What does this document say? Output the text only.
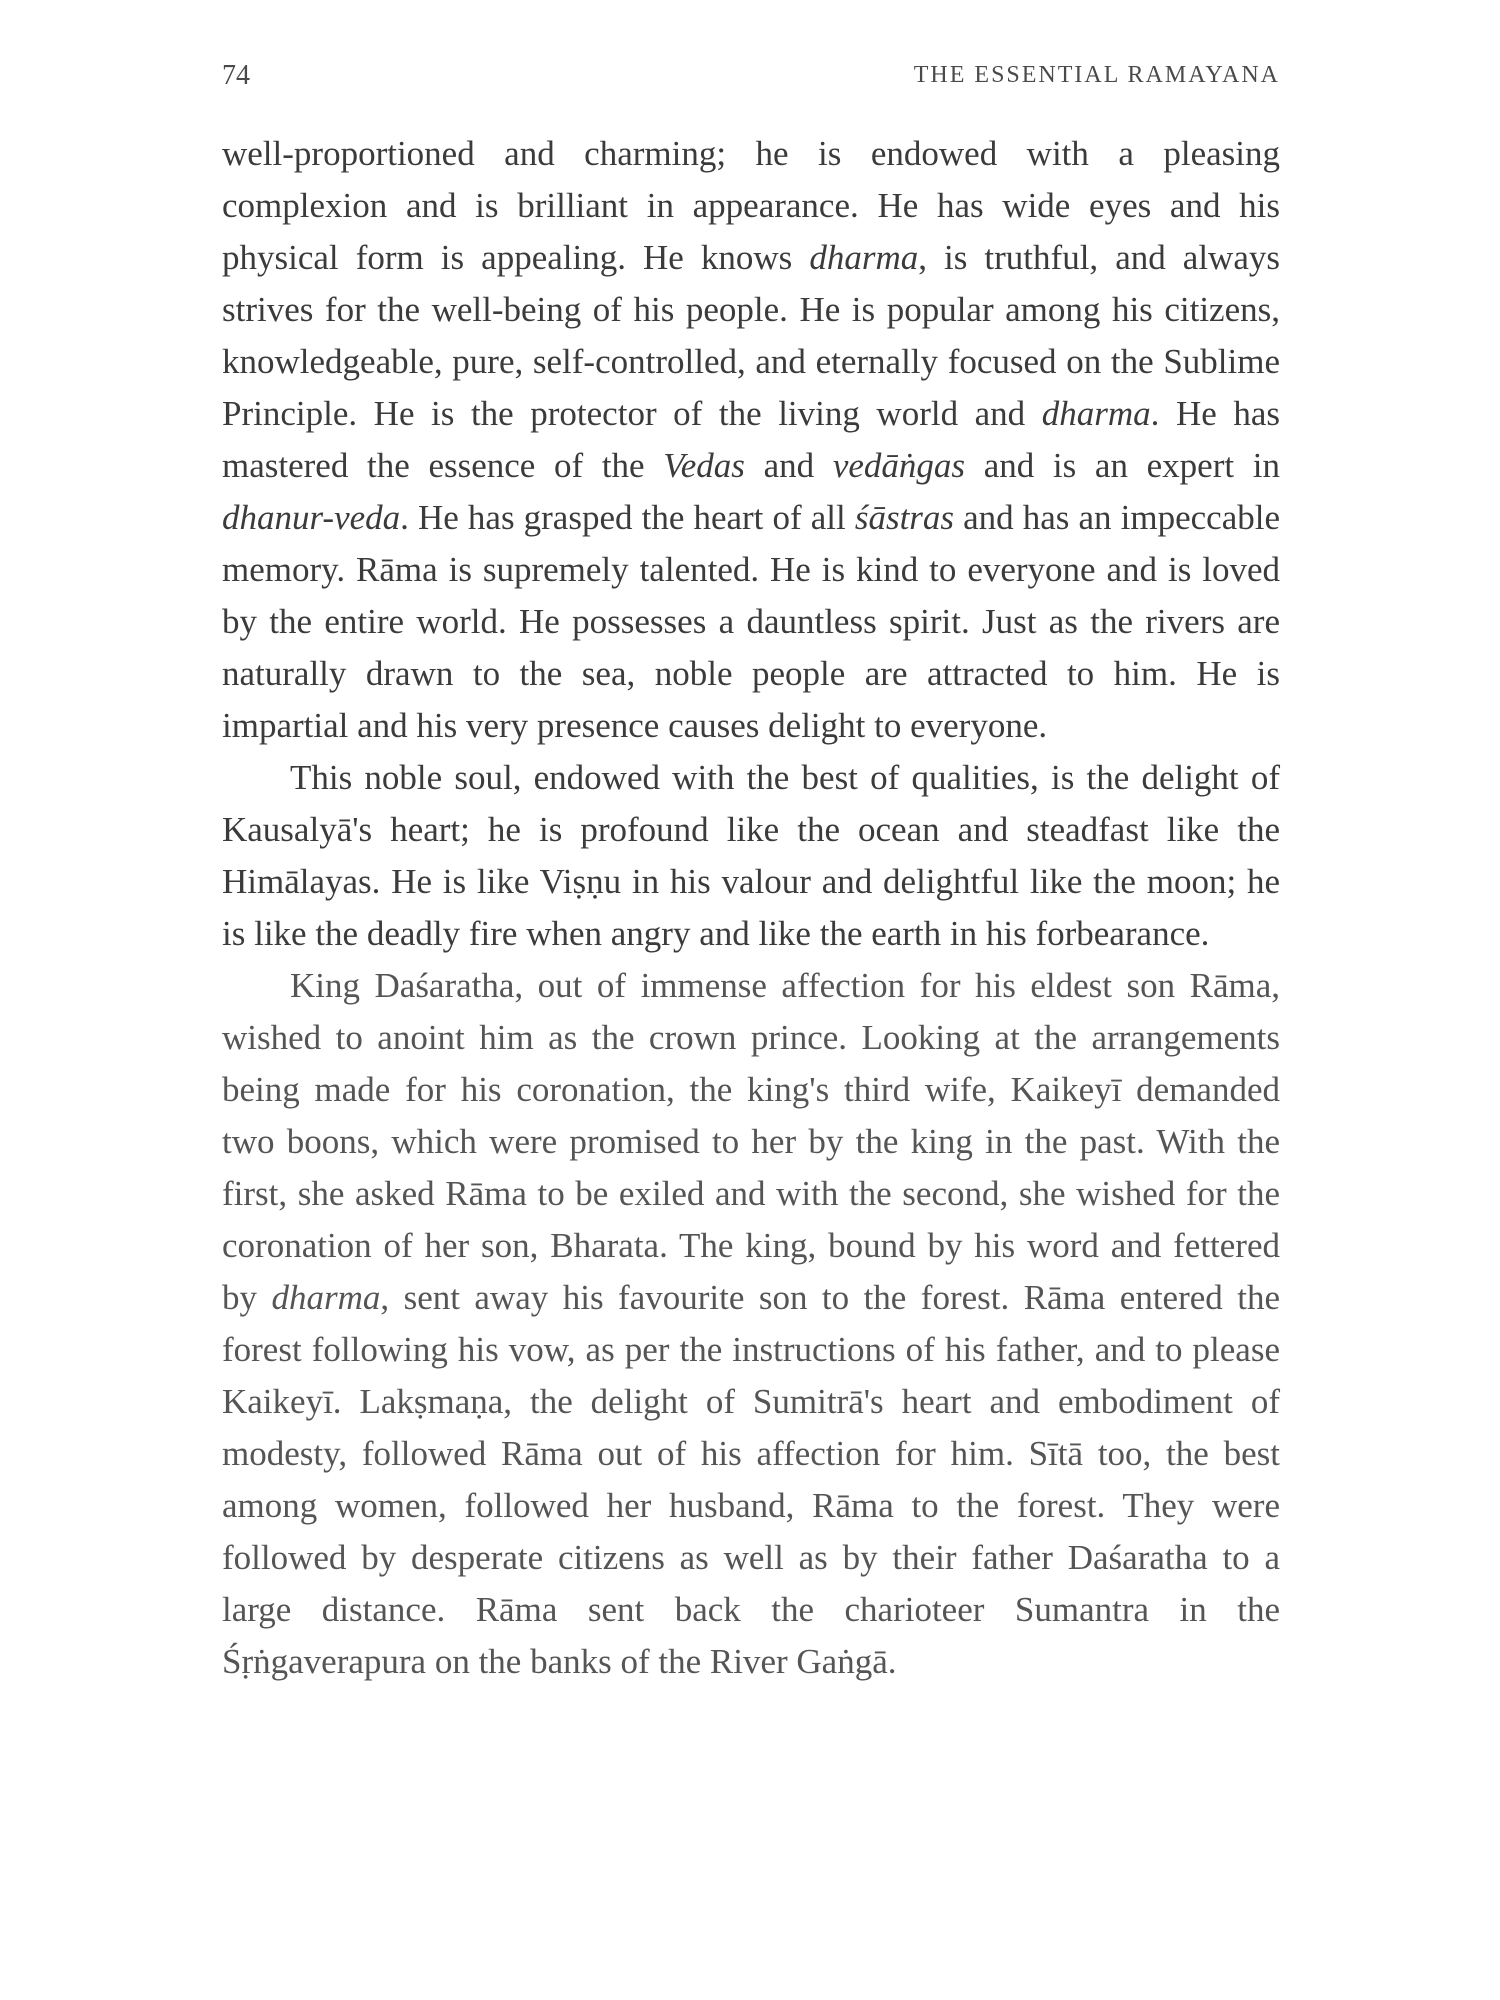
74	THE ESSENTIAL RAMAYANA

well-proportioned and charming; he is endowed with a pleasing complexion and is brilliant in appearance. He has wide eyes and his physical form is appealing. He knows dharma, is truthful, and always strives for the well-being of his people. He is popular among his citizens, knowledgeable, pure, self-controlled, and eternally focused on the Sublime Principle. He is the protector of the living world and dharma. He has mastered the essence of the Vedas and vedāṅgas and is an expert in dhanur-veda. He has grasped the heart of all śāstras and has an impeccable memory. Rāma is supremely talented. He is kind to everyone and is loved by the entire world. He possesses a dauntless spirit. Just as the rivers are naturally drawn to the sea, noble people are attracted to him. He is impartial and his very presence causes delight to everyone.

This noble soul, endowed with the best of qualities, is the delight of Kausalyā's heart; he is profound like the ocean and steadfast like the Himālayas. He is like Viṣṇu in his valour and delightful like the moon; he is like the deadly fire when angry and like the earth in his forbearance.

King Daśaratha, out of immense affection for his eldest son Rāma, wished to anoint him as the crown prince. Looking at the arrangements being made for his coronation, the king's third wife, Kaikeyī demanded two boons, which were promised to her by the king in the past. With the first, she asked Rāma to be exiled and with the second, she wished for the coronation of her son, Bharata. The king, bound by his word and fettered by dharma, sent away his favourite son to the forest. Rāma entered the forest following his vow, as per the instructions of his father, and to please Kaikeyī. Lakṣmaṇa, the delight of Sumitrā's heart and embodiment of modesty, followed Rāma out of his affection for him. Sītā too, the best among women, followed her husband, Rāma to the forest. They were followed by desperate citizens as well as by their father Daśaratha to a large distance. Rāma sent back the charioteer Sumantra in the Śṛṅgaverapura on the banks of the River Gaṅgā.
